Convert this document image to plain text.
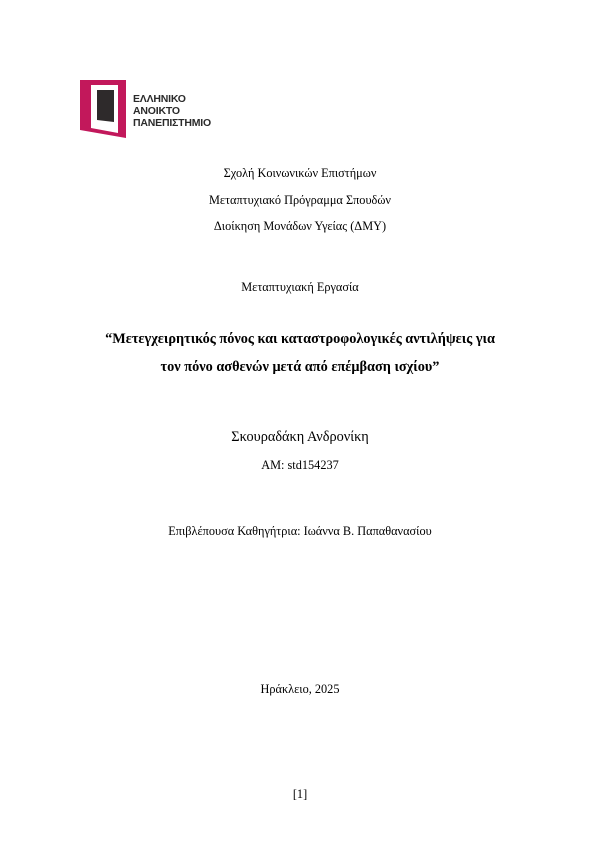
ΕΛΛΗΝΙΚΟ
ΑΝΟΙΚΤΟ
ΠΑΝΕΠΙΣΤΗΜΙΟ
Σχολή Κοινωνικών Επιστήμων
Μεταπτυχιακό Πρόγραμμα Σπουδών
Διοίκηση Μονάδων Υγείας (ΔΜΥ)
Μεταπτυχιακή Εργασία
“Μετεγχειρητικός πόνος και καταστροφολογικές αντιλήψεις για
τον πόνο ασθενών μετά από επέμβαση ισχίου”
Σκουραδάκη Ανδρονίκη
ΑΜ: std154237
Επιβλέπουσα Καθηγήτρια: Ιωάννα Β. Παπαθανασίου
Ηράκλειο, 2025
[1]
